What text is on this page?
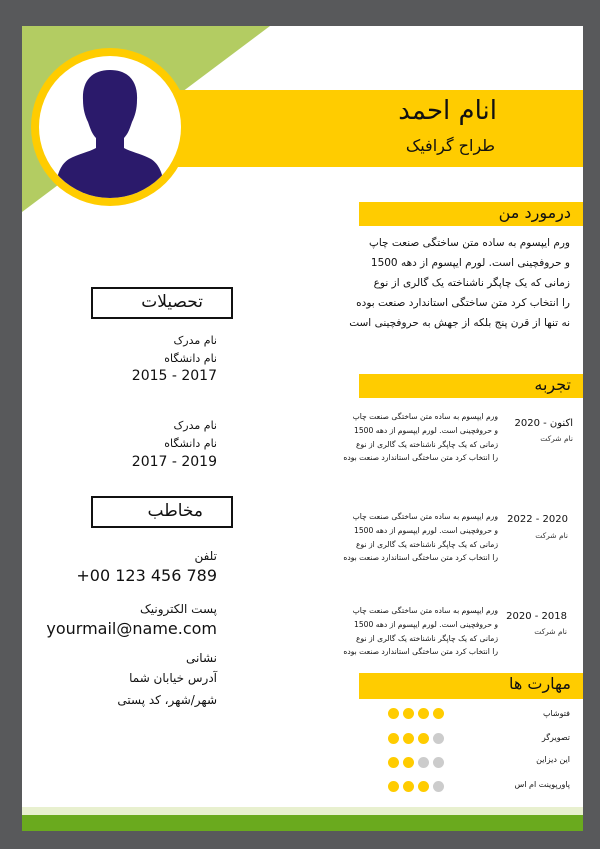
انام احمد
طراح گرافیک
درمورد من
ورم ایپسوم به ساده متن ساختگی صنعت چاپ
و حروفچینی است. لورم ایپسوم از دهه 1500
زمانی که یک چاپگر ناشناخته یک گالری از نوع
را انتخاب کرد متن ساختگی استاندارد صنعت بوده
نه تنها از قرن پنج بلکه از جهش به حروفچینی است
تحصیلات
نام مدرک
نام دانشگاه
2015 - 2017
نام مدرک
نام دانشگاه
2017 - 2019
مخاطب
تلفن
+00 123 456 789
پست الکترونیک
yourmail@name.com
نشانی
آدرس خیابان شما
شهر/شهر، کد پستی
تجربه
ورم ایپسوم به ساده متن ساختگی صنعت چاپ
و حروفچینی است. لورم ایپسوم از دهه 1500
زمانی که یک چاپگر ناشناخته یک گالری از نوع
را انتخاب کرد متن ساختگی استاندارد صنعت بوده
2020 - اکنون
نام شرکت
ورم ایپسوم به ساده متن ساختگی صنعت چاپ
و حروفچینی است. لورم ایپسوم از دهه 1500
زمانی که یک چاپگر ناشناخته یک گالری از نوع
را انتخاب کرد متن ساختگی استاندارد صنعت بوده
2022 - 2020
نام شرکت
ورم ایپسوم به ساده متن ساختگی صنعت چاپ
و حروفچینی است. لورم ایپسوم از دهه 1500
زمانی که یک چاپگر ناشناخته یک گالری از نوع
را انتخاب کرد متن ساختگی استاندارد صنعت بوده
2020 - 2018
نام شرکت
مهارت ها
فتوشاپ
تصویرگر
این دیزاین
پاورپوینت ام اس
